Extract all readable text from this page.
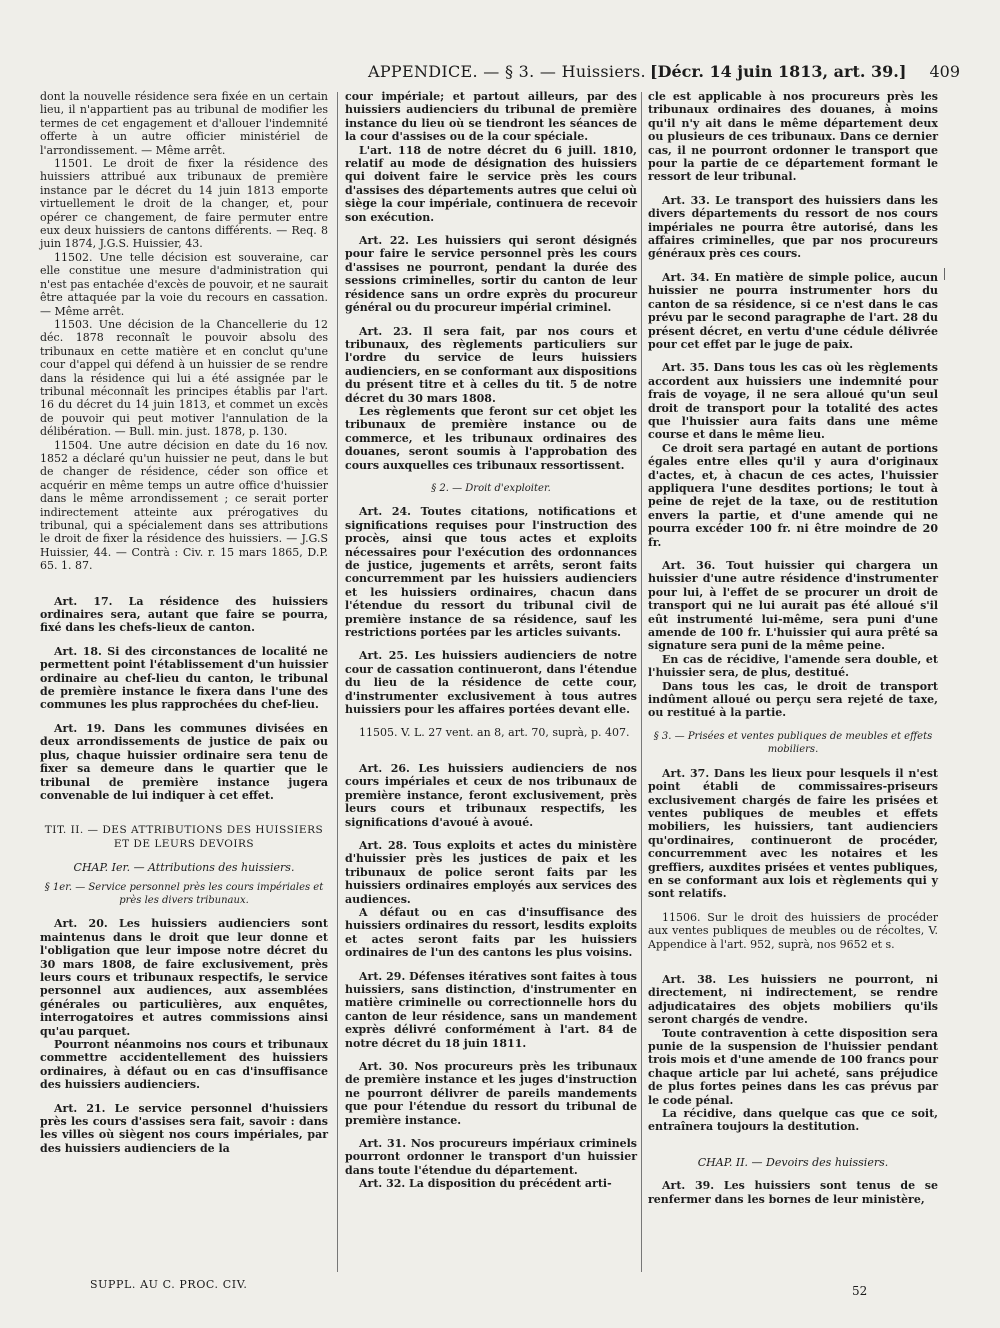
APPENDICE. — § 3. — Huissiers. [Décr. 14 juin 1813, art. 39.] 409

dont la nouvelle résidence sera fixée en un certain lieu, il n'appartient pas au tribunal de modifier les termes de cet engagement et d'allouer l'indemnité offerte à un autre officier ministériel de l'arrondissement. — Même arrêt.

11501. Le droit de fixer la résidence des huissiers attribué aux tribunaux de première instance par le décret du 14 juin 1813 emporte virtuellement le droit de la changer, et, pour opérer ce changement, de faire permuter entre eux deux huissiers de cantons différents. — Req. 8 juin 1874, J.G.S. Huissier, 43.

11502. Une telle décision est souveraine, car elle constitue une mesure d'administration qui n'est pas entachée d'excès de pouvoir, et ne saurait être attaquée par la voie du recours en cassation. — Même arrêt.

11503. Une décision de la Chancellerie du 12 déc. 1878 reconnaît le pouvoir absolu des tribunaux en cette matière et en conclut qu'une cour d'appel qui défend à un huissier de se rendre dans la résidence qui lui a été assignée par le tribunal méconnaît les principes établis par l'art. 16 du décret du 14 juin 1813, et commet un excès de pouvoir qui peut motiver l'annulation de la délibération. — Bull. min. just. 1878, p. 130.

11504. Une autre décision en date du 16 nov. 1852 a déclaré qu'un huissier ne peut, dans le but de changer de résidence, céder son office et acquérir en même temps un autre office d'huissier dans le même arrondissement ; ce serait porter indirectement atteinte aux prérogatives du tribunal, qui a spécialement dans ses attributions le droit de fixer la résidence des huissiers. — J.G.S Huissier, 44. — Contrà : Civ. r. 15 mars 1865, D.P. 65. 1. 87.

Art. 17. La résidence des huissiers ordinaires sera, autant que faire se pourra, fixé dans les chefs-lieux de canton.

Art. 18. Si des circonstances de localité ne permettent point l'établissement d'un huissier ordinaire au chef-lieu du canton, le tribunal de première instance le fixera dans l'une des communes les plus rapprochées du chef-lieu.

Art. 19. Dans les communes divisées en deux arrondissements de justice de paix ou plus, chaque huissier ordinaire sera tenu de fixer sa demeure dans le quartier que le tribunal de première instance jugera convenable de lui indiquer à cet effet.

TIT. II. — DES ATTRIBUTIONS DES HUISSIERS ET DE LEURS DEVOIRS

CHAP. Ier. — Attributions des huissiers.

§ 1er. — Service personnel près les cours impériales et près les divers tribunaux.

Art. 20. Les huissiers audienciers sont maintenus dans le droit que leur donne et l'obligation que leur impose notre décret du 30 mars 1808, de faire exclusivement, près leurs cours et tribunaux respectifs, le service personnel aux audiences, aux assemblées générales ou particulières, aux enquêtes, interrogatoires et autres commissions ainsi qu'au parquet.

Pourront néanmoins nos cours et tribunaux commettre accidentellement des huissiers ordinaires, à défaut ou en cas d'insuffisance des huissiers audienciers.

Art. 21. Le service personnel d'huissiers près les cours d'assises sera fait, savoir : dans les villes où siègent nos cours impériales, par des huissiers audienciers de la

cour impériale; et partout ailleurs, par des huissiers audienciers du tribunal de première instance du lieu où se tiendront les séances de la cour d'assises ou de la cour spéciale.

L'art. 118 de notre décret du 6 juill. 1810, relatif au mode de désignation des huissiers qui doivent faire le service près les cours d'assises des départements autres que celui où siège la cour impériale, continuera de recevoir son exécution.

Art. 22. Les huissiers qui seront désignés pour faire le service personnel près les cours d'assises ne pourront, pendant la durée des sessions criminelles, sortir du canton de leur résidence sans un ordre exprès du procureur général ou du procureur impérial criminel.

Art. 23. Il sera fait, par nos cours et tribunaux, des règlements particuliers sur l'ordre du service de leurs huissiers audienciers, en se conformant aux dispositions du présent titre et à celles du tit. 5 de notre décret du 30 mars 1808.

Les règlements que feront sur cet objet les tribunaux de première instance ou de commerce, et les tribunaux ordinaires des douanes, seront soumis à l'approbation des cours auxquelles ces tribunaux ressortissent.

§ 2. — Droit d'exploiter.

Art. 24. Toutes citations, notifications et significations requises pour l'instruction des procès, ainsi que tous actes et exploits nécessaires pour l'exécution des ordonnances de justice, jugements et arrêts, seront faits concurremment par les huissiers audienciers et les huissiers ordinaires, chacun dans l'étendue du ressort du tribunal civil de première instance de sa résidence, sauf les restrictions portées par les articles suivants.

Art. 25. Les huissiers audienciers de notre cour de cassation continueront, dans l'étendue du lieu de la résidence de cette cour, d'instrumenter exclusivement à tous autres huissiers pour les affaires portées devant elle.

11505. V. L. 27 vent. an 8, art. 70, suprà, p. 407.

Art. 26. Les huissiers audienciers de nos cours impériales et ceux de nos tribunaux de première instance, feront exclusivement, près leurs cours et tribunaux respectifs, les significations d'avoué à avoué.

Art. 28. Tous exploits et actes du ministère d'huissier près les justices de paix et les tribunaux de police seront faits par les huissiers ordinaires employés aux services des audiences.

A défaut ou en cas d'insuffisance des huissiers ordinaires du ressort, lesdits exploits et actes seront faits par les huissiers ordinaires de l'un des cantons les plus voisins.

Art. 29. Défenses itératives sont faites à tous huissiers, sans distinction, d'instrumenter en matière criminelle ou correctionnelle hors du canton de leur résidence, sans un mandement exprès délivré conformément à l'art. 84 de notre décret du 18 juin 1811.

Art. 30. Nos procureurs près les tribunaux de première instance et les juges d'instruction ne pourront délivrer de pareils mandements que pour l'étendue du ressort du tribunal de première instance.

Art. 31. Nos procureurs impériaux criminels pourront ordonner le transport d'un huissier dans toute l'étendue du département.

Art. 32. La disposition du précédent arti-

cle est applicable à nos procureurs près les tribunaux ordinaires des douanes, à moins qu'il n'y ait dans le même département deux ou plusieurs de ces tribunaux. Dans ce dernier cas, il ne pourront ordonner le transport que pour la partie de ce département formant le ressort de leur tribunal.

Art. 33. Le transport des huissiers dans les divers départements du ressort de nos cours impériales ne pourra être autorisé, dans les affaires criminelles, que par nos procureurs généraux près ces cours.

Art. 34. En matière de simple police, aucun huissier ne pourra instrumenter hors du canton de sa résidence, si ce n'est dans le cas prévu par le second paragraphe de l'art. 28 du présent décret, en vertu d'une cédule délivrée pour cet effet par le juge de paix.

Art. 35. Dans tous les cas où les règlements accordent aux huissiers une indemnité pour frais de voyage, il ne sera alloué qu'un seul droit de transport pour la totalité des actes que l'huissier aura faits dans une même course et dans le même lieu.

Ce droit sera partagé en autant de portions égales entre elles qu'il y aura d'originaux d'actes, et, à chacun de ces actes, l'huissier appliquera l'une desdites portions; le tout à peine de rejet de la taxe, ou de restitution envers la partie, et d'une amende qui ne pourra excéder 100 fr. ni être moindre de 20 fr.

Art. 36. Tout huissier qui chargera un huissier d'une autre résidence d'instrumenter pour lui, à l'effet de se procurer un droit de transport qui ne lui aurait pas été alloué s'il eût instrumenté lui-même, sera puni d'une amende de 100 fr. L'huissier qui aura prêté sa signature sera puni de la même peine.

En cas de récidive, l'amende sera double, et l'huissier sera, de plus, destitué.

Dans tous les cas, le droit de transport indûment alloué ou perçu sera rejeté de taxe, ou restitué à la partie.

§ 3. — Prisées et ventes publiques de meubles et effets mobiliers.

Art. 37. Dans les lieux pour lesquels il n'est point établi de commissaires-priseurs exclusivement chargés de faire les prisées et ventes publiques de meubles et effets mobiliers, les huissiers, tant audienciers qu'ordinaires, continueront de procéder, concurremment avec les notaires et les greffiers, auxdites prisées et ventes publiques, en se conformant aux lois et règlements qui y sont relatifs.

11506. Sur le droit des huissiers de procéder aux ventes publiques de meubles ou de récoltes, V. Appendice à l'art. 952, suprà, nos 9652 et s.

Art. 38. Les huissiers ne pourront, ni directement, ni indirectement, se rendre adjudicataires des objets mobiliers qu'ils seront chargés de vendre.

Toute contravention à cette disposition sera punie de la suspension de l'huissier pendant trois mois et d'une amende de 100 francs pour chaque article par lui acheté, sans préjudice de plus fortes peines dans les cas prévus par le code pénal.

La récidive, dans quelque cas que ce soit, entraînera toujours la destitution.

CHAP. II. — Devoirs des huissiers.

Art. 39. Les huissiers sont tenus de se renfermer dans les bornes de leur ministère,

SUPPL. AU C. PROC. CIV.	52
